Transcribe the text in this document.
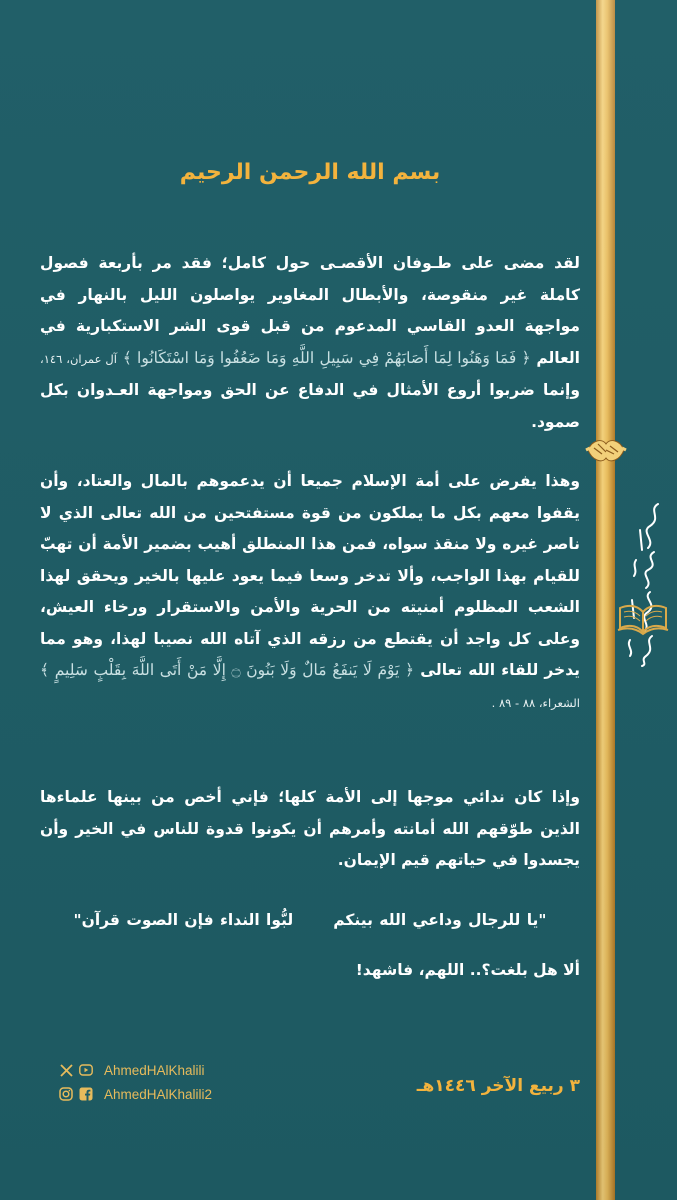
بسم الله الرحمن الرحيم
لقد مضى على طـوفان الأقصـى حول كامل؛ فقد مر بأربعة فصول كاملة غير منقوصة، والأبطال المغاوير يواصلون الليل بالنهار في مواجهة العدو القاسي المدعوم من قبل قوى الشر الاستكبارية في العالم ﴿ فَمَا وَهَنُوا لِمَا أَصَابَهُمْ فِي سَبِيلِ اللَّهِ وَمَا ضَعُفُوا وَمَا اسْتَكَانُوا ﴾ آل عمران، ١٤٦، وإنما ضربوا أروع الأمثال في الدفاع عن الحق ومواجهة العـدوان بكل صمود.
وهذا يفرض على أمة الإسلام جميعا أن يدعموهم بالمال والعتاد، وأن يقفوا معهم بكل ما يملكون من قوة مستفتحين من الله تعالى الذي لا ناصر غيره ولا منقذ سواه، فمن هذا المنطلق أهيب بضمير الأمة أن تهبّ للقيام بهذا الواجب، وألا تدخر وسعا فيما يعود عليها بالخير ويحقق لهذا الشعب المظلوم أمنيته من الحرية والأمن والاستقرار ورخاء العيش، وعلى كل واجد أن يقتطع من رزقه الذي آتاه الله نصيبا لهذا، وهو مما يدخر للقاء الله تعالى ﴿ يَوْمَ لَا يَنفَعُ مَالٌ وَلَا بَنُونَ ۝ إِلَّا مَنْ أَتَى اللَّهَ بِقَلْبٍ سَلِيمٍ ﴾ الشعراء، ٨٨ - ٨٩ .
وإذا كان ندائي موجها إلى الأمة كلها؛ فإني أخص من بينها علماءها الذين طوّقهم الله أمانته وأمرهم أن يكونوا قدوة للناس في الخير وأن يجسدوا في حياتهم قيم الإيمان.
"يا للرجال وداعي الله بينكملبُّوا النداء فإن الصوت قرآن"
ألا هل بلغت؟.. اللهم، فاشهد!
٣ ربيع الآخر ١٤٤٦هـ
AhmedHAlKhalili
AhmedHAlKhalili2
